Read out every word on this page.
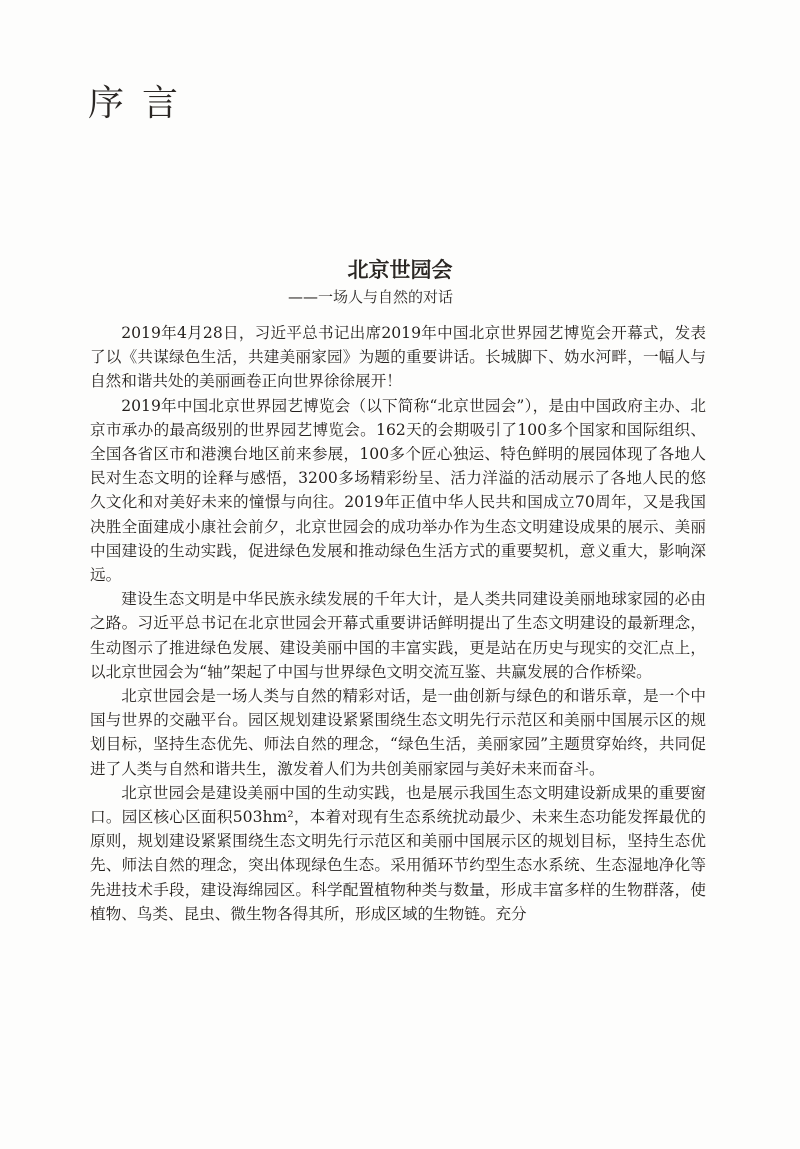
序言
北京世园会
——一场人与自然的对话

2019年4月28日，习近平总书记出席2019年中国北京世界园艺博览会开幕式，发表了以《共谋绿色生活，共建美丽家园》为题的重要讲话。长城脚下、妫水河畔，一幅人与自然和谐共处的美丽画卷正向世界徐徐展开！

2019年中国北京世界园艺博览会（以下简称“北京世园会”），是由中国政府主办、北京市承办的最高级别的世界园艺博览会。162天的会期吸引了100多个国家和国际组织、全国各省区市和港澳台地区前来参展，100多个匠心独运、特色鲜明的展园体现了各地人民对生态文明的诠释与感悟，3200多场精彩纷呈、活力洋溢的活动展示了各地人民的悠久文化和对美好未来的憧憬与向往。2019年正值中华人民共和国成立70周年，又是我国决胜全面建成小康社会前夕，北京世园会的成功举办作为生态文明建设成果的展示、美丽中国建设的生动实践，促进绿色发展和推动绿色生活方式的重要契机，意义重大，影响深远。

建设生态文明是中华民族永续发展的千年大计，是人类共同建设美丽地球家园的必由之路。习近平总书记在北京世园会开幕式重要讲话鲜明提出了生态文明建设的最新理念，生动图示了推进绿色发展、建设美丽中国的丰富实践，更是站在历史与现实的交汇点上，以北京世园会为“轴”架起了中国与世界绿色文明交流互鉴、共赢发展的合作桥梁。

北京世园会是一场人类与自然的精彩对话，是一曲创新与绿色的和谐乐章，是一个中国与世界的交融平台。园区规划建设紧紧围绕生态文明先行示范区和美丽中国展示区的规划目标，坚持生态优先、师法自然的理念，“绿色生活，美丽家园”主题贯穿始终，共同促进了人类与自然和谐共生，激发着人们为共创美丽家园与美好未来而奋斗。

北京世园会是建设美丽中国的生动实践，也是展示我国生态文明建设新成果的重要窗口。园区核心区面积503hm²，本着对现有生态系统扰动最少、未来生态功能发挥最优的原则，规划建设紧紧围绕生态文明先行示范区和美丽中国展示区的规划目标，坚持生态优先、师法自然的理念，突出体现绿色生态。采用循环节约型生态水系统、生态湿地净化等先进技术手段，建设海绵园区。科学配置植物种类与数量，形成丰富多样的生物群落，使植物、鸟类、昆虫、微生物各得其所，形成区域的生物链。充分
